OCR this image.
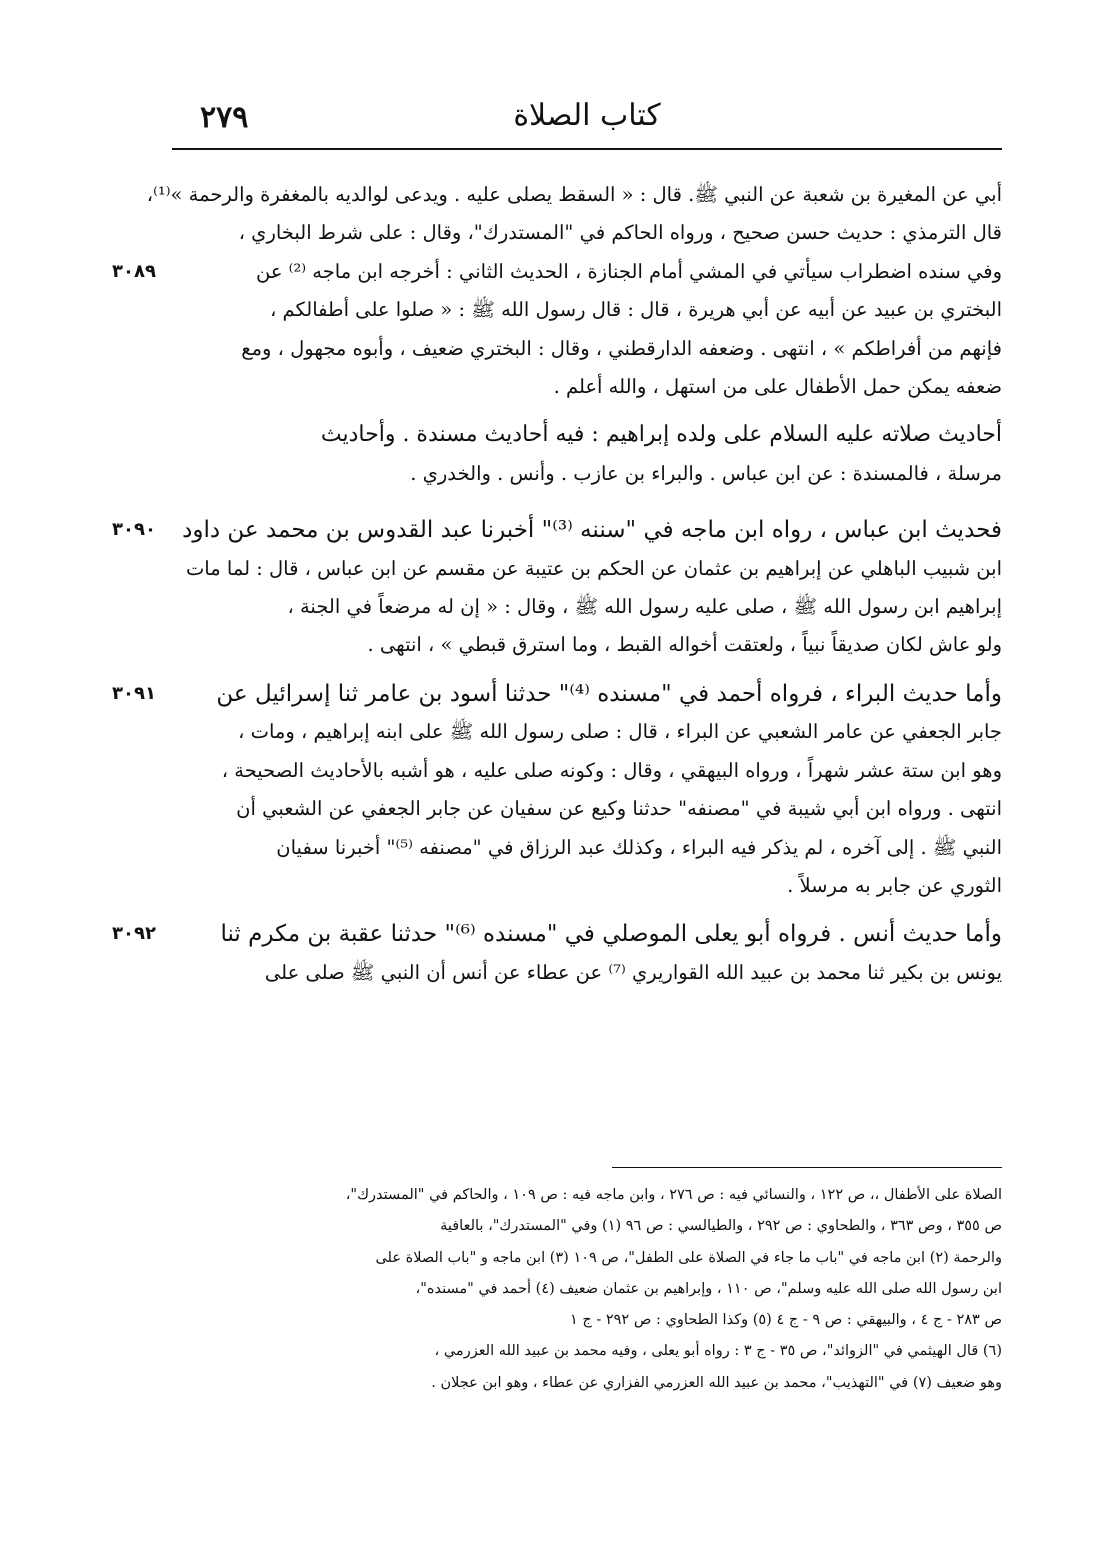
٢٧٩	كتاب الصلاة
٣٠٨٩
أبي عن المغيرة بن شعبة عن النبي ﷺ. قال : « السقط يصلى عليه . ويدعى لوالديه بالمغفرة والرحمة »⁽¹⁾،
قال الترمذي : حديث حسن صحيح ، ورواه الحاكم في "المستدرك"، وقال : على شرط البخاري ،
وفي سنده اضطراب سيأتي في المشي أمام الجنازة ، الحديث الثاني : أخرجه ابن ماجه ⁽²⁾ عن
البختري بن عبيد عن أبيه عن أبي هريرة ، قال : قال رسول الله ﷺ : « صلوا على أطفالكم ،
فإنهم من أفراطكم » ، انتهى . وضعفه الدارقطني ، وقال : البختري ضعيف ، وأبوه مجهول ، ومع
ضعفه يمكن حمل الأطفال على من استهل ، والله أعلم .
أحاديث صلاته عليه السلام على ولده إبراهيم : فيه أحاديث مسندة . وأحاديث
مرسلة ، فالمسندة : عن ابن عباس . والبراء بن عازب . وأنس . والخدري .
٣٠٩٠	فحديث ابن عباس ، رواه ابن ماجه في "سننه ⁽³⁾" أخبرنا عبد القدوس بن محمد عن داود
ابن شبيب الباهلي عن إبراهيم بن عثمان عن الحكم بن عتيبة عن مقسم عن ابن عباس ، قال : لما مات
إبراهيم ابن رسول الله ﷺ ، صلى عليه رسول الله ﷺ ، وقال : « إن له مرضعاً في الجنة ،
ولو عاش لكان صديقاً نبياً ، ولعتقت أخواله القبط ، وما استرق قبطي » ، انتهى .
٣٠٩١	وأما حديث البراء ، فرواه أحمد في "مسنده ⁽⁴⁾" حدثنا أسود بن عامر ثنا إسرائيل عن
جابر الجعفي عن عامر الشعبي عن البراء ، قال : صلى رسول الله ﷺ على ابنه إبراهيم ، ومات ،
وهو ابن ستة عشر شهراً ، ورواه البيهقي ، وقال : وكونه صلى عليه ، هو أشبه بالأحاديث الصحيحة ،
انتهى . ورواه ابن أبي شيبة في "مصنفه" حدثنا وكيع عن سفيان عن جابر الجعفي عن الشعبي أن
النبي ﷺ . إلى آخره ، لم يذكر فيه البراء ، وكذلك عبد الرزاق في "مصنفه ⁽⁵⁾" أخبرنا سفيان
الثوري عن جابر به مرسلاً .
٣٠٩٢	وأما حديث أنس . فرواه أبو يعلى الموصلي في "مسنده ⁽⁶⁾" حدثنا عقبة بن مكرم ثنا
يونس بن بكير ثنا محمد بن عبيد الله القواريري ⁽⁷⁾ عن عطاء عن أنس أن النبي ﷺ صلى على
الصلاة على الأطفال ،، ص ١٢٢ ، والنسائي فيه : ص ٢٧٦ ، وابن ماجه فيه : ص ١٠٩ ، والحاكم في "المستدرك"،
ص ٣٥٥ ، وص ٣٦٣ ، والطحاوي : ص ٢٩٢ ، والطيالسي : ص ٩٦ (١) وفي "المستدرك"، بالعافية
والرحمة (٢) ابن ماجه في "باب ما جاء في الصلاة على الطفل"، ص ١٠٩ (٣) ابن ماجه و "باب الصلاة على
ابن رسول الله صلى الله عليه وسلم"، ص ١١٠ ، وإبراهيم بن عثمان ضعيف (٤) أحمد في "مسنده"،
ص ٢٨٣ - ج ٤ ، والبيهقي : ص ٩ - ج ٤ (٥) وكذا الطحاوي : ص ٢٩٢ - ج ١
(٦) قال الهيثمي في "الزوائد"، ص ٣٥ - ج ٣ : رواه أبو يعلى ، وفيه محمد بن عبيد الله العزرمي ،
وهو ضعيف (٧) في "التهذيب"، محمد بن عبيد الله العزرمي الفزاري عن عطاء ، وهو ابن عجلان .
